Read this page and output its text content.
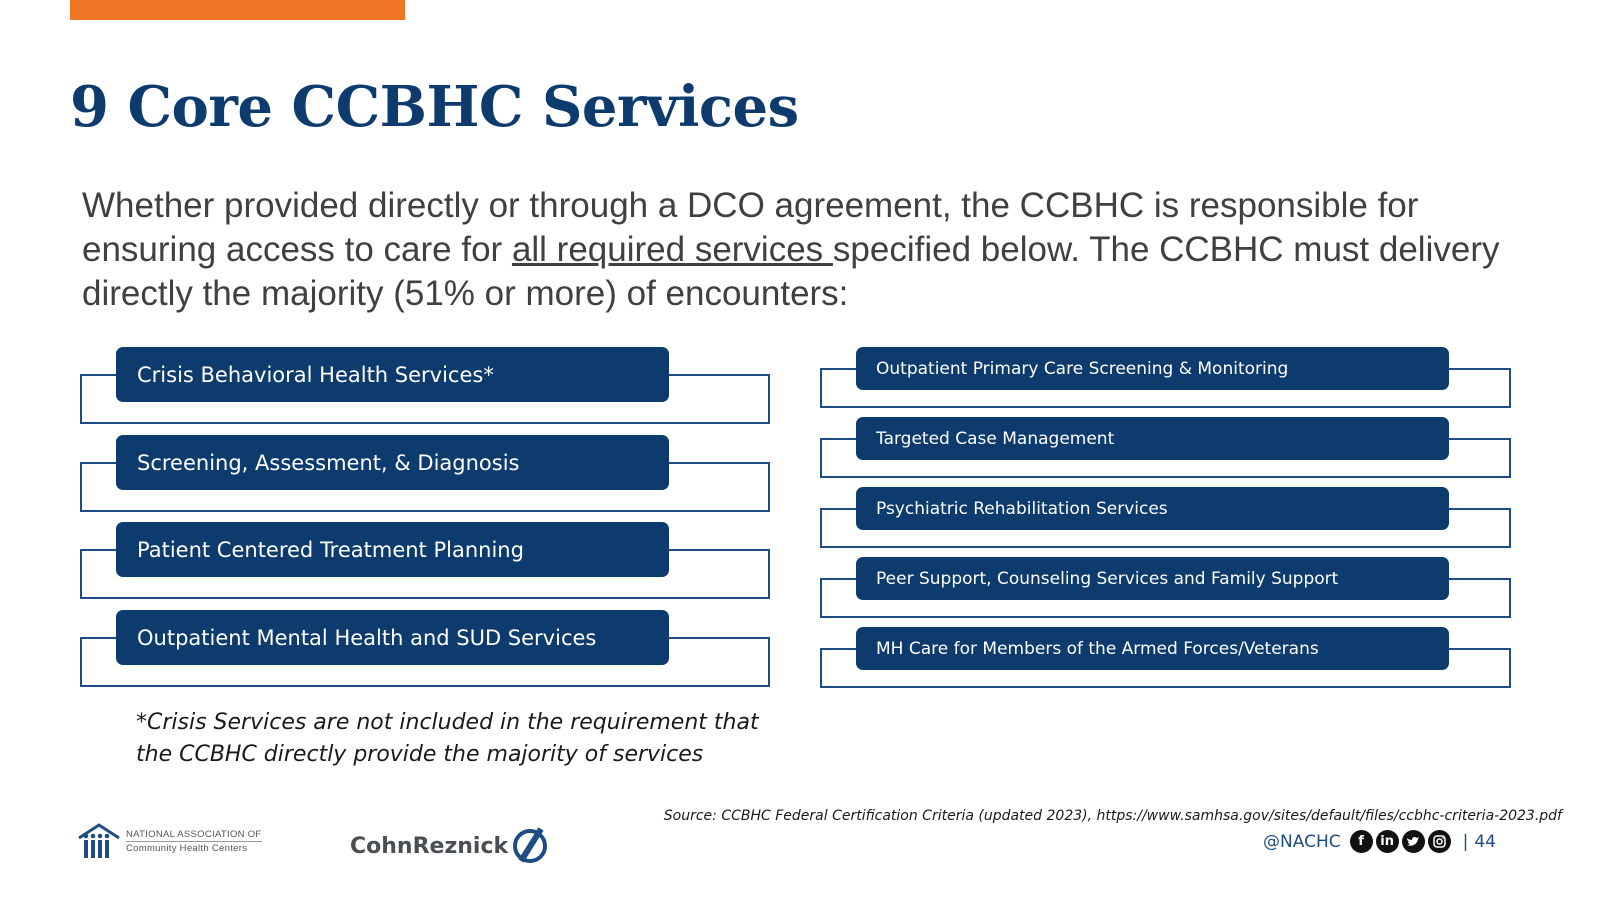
9 Core CCBHC Services
Whether provided directly or through a DCO agreement, the CCBHC is responsible for ensuring access to care for all required services specified below. The CCBHC must delivery directly the majority (51% or more) of encounters:
Crisis Behavioral Health Services*
Screening, Assessment, & Diagnosis
Patient Centered Treatment Planning
Outpatient Mental Health and SUD Services
Outpatient Primary Care Screening & Monitoring
Targeted Case Management
Psychiatric Rehabilitation Services
Peer Support, Counseling Services and Family Support
MH Care for Members of the Armed Forces/Veterans
*Crisis Services are not included in the requirement that
the CCBHC directly provide the majority of services
Source: CCBHC Federal Certification Criteria (updated 2023), https://www.samhsa.gov/sites/default/files/ccbhc-criteria-2023.pdf
NATIONAL ASSOCIATION OF
Community Health Centers	CohnReznick	@NACHC	f	in	| 44
